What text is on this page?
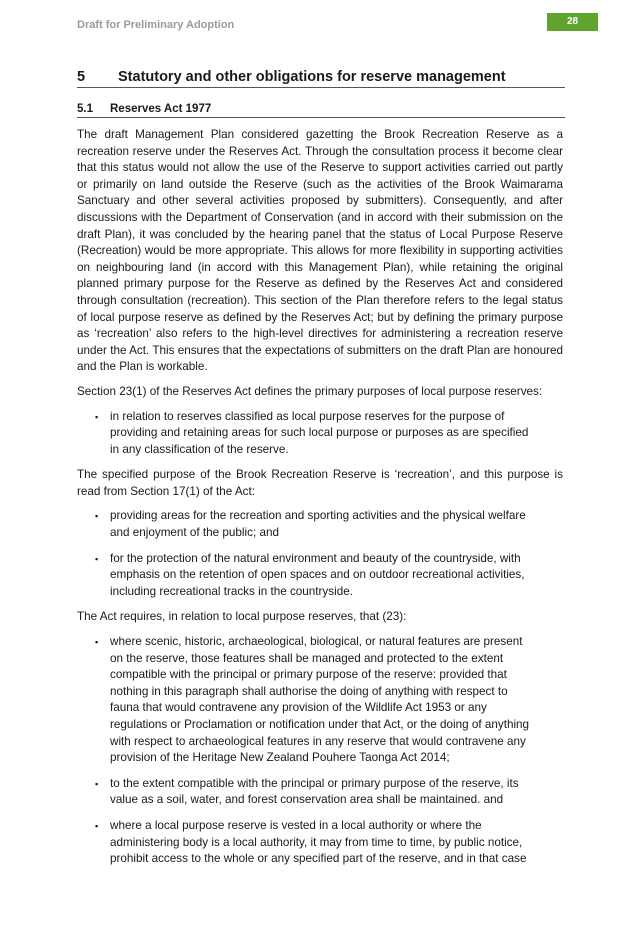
Draft for Preliminary Adoption	28
5 Statutory and other obligations for reserve management
5.1 Reserves Act 1977

The draft Management Plan considered gazetting the Brook Recreation Reserve as a recreation reserve under the Reserves Act. Through the consultation process it become clear that this status would not allow the use of the Reserve to support activities carried out partly or primarily on land outside the Reserve (such as the activities of the Brook Waimarama Sanctuary and other several activities proposed by submitters). Consequently, and after discussions with the Department of Conservation (and in accord with their submission on the draft Plan), it was concluded by the hearing panel that the status of Local Purpose Reserve (Recreation) would be more appropriate. This allows for more flexibility in supporting activities on neighbouring land (in accord with this Management Plan), while retaining the original planned primary purpose for the Reserve as defined by the Reserves Act and considered through consultation (recreation). This section of the Plan therefore refers to the legal status of local purpose reserve as defined by the Reserves Act; but by defining the primary purpose as ‘recreation’ also refers to the high-level directives for administering a recreation reserve under the Act. This ensures that the expectations of submitters on the draft Plan are honoured and the Plan is workable.

Section 23(1) of the Reserves Act defines the primary purposes of local purpose reserves:

▪ in relation to reserves classified as local purpose reserves for the purpose of providing and retaining areas for such local purpose or purposes as are specified in any classification of the reserve.

The specified purpose of the Brook Recreation Reserve is ‘recreation’, and this purpose is read from Section 17(1) of the Act:

▪ providing areas for the recreation and sporting activities and the physical welfare and enjoyment of the public; and
▪ for the protection of the natural environment and beauty of the countryside, with emphasis on the retention of open spaces and on outdoor recreational activities, including recreational tracks in the countryside.

The Act requires, in relation to local purpose reserves, that (23):

▪ where scenic, historic, archaeological, biological, or natural features are present on the reserve, those features shall be managed and protected to the extent compatible with the principal or primary purpose of the reserve: provided that nothing in this paragraph shall authorise the doing of anything with respect to fauna that would contravene any provision of the Wildlife Act 1953 or any regulations or Proclamation or notification under that Act, or the doing of anything with respect to archaeological features in any reserve that would contravene any provision of the Heritage New Zealand Pouhere Taonga Act 2014;
▪ to the extent compatible with the principal or primary purpose of the reserve, its value as a soil, water, and forest conservation area shall be maintained. and
▪ where a local purpose reserve is vested in a local authority or where the administering body is a local authority, it may from time to time, by public notice, prohibit access to the whole or any specified part of the reserve, and in that case
